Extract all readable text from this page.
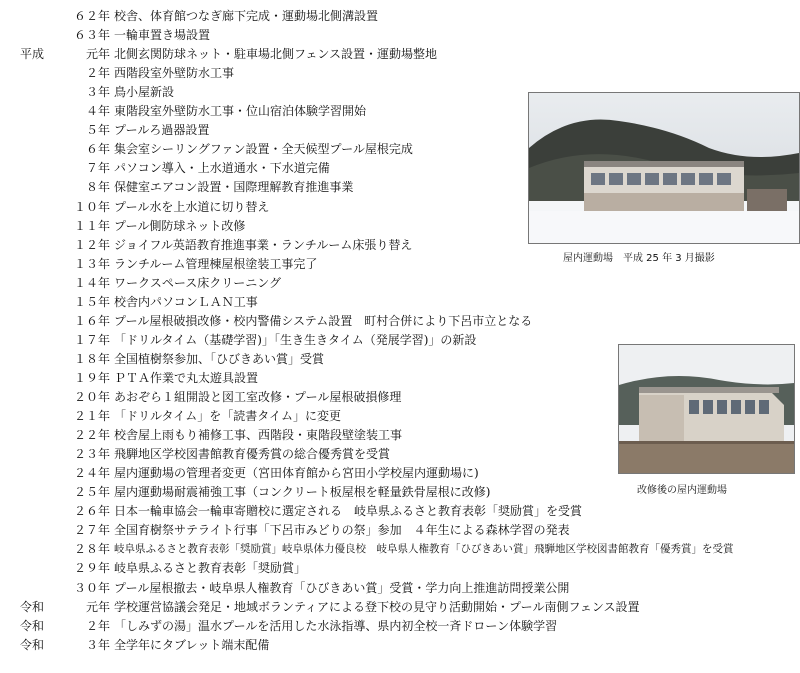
６２年 校舎、体育館つなぎ廊下完成・運動場北側溝設置
６３年 一輪車置き場設置
平成	元年 北側玄関防球ネット・駐車場北側フェンス設置・運動場整地
２年 西階段室外壁防水工事
３年 鳥小屋新設
４年 東階段室外壁防水工事・位山宿泊体験学習開始
５年 プールろ過器設置
６年 集会室シーリングファン設置・全天候型プール屋根完成
７年 パソコン導入・上水道通水・下水道完備
８年 保健室エアコン設置・国際理解教育推進事業
１０年 プール水を上水道に切り替え
１１年 プール側防球ネット改修
１２年 ジョイフル英語教育推進事業・ランチルーム床張り替え
１３年 ランチルーム管理棟屋根塗装工事完了
１４年 ワークスペース床クリーニング
１５年 校舎内パソコンＬＡＮ工事
１６年 プール屋根破損改修・校内警備システム設置　町村合併により下呂市立となる
１７年 「ドリルタイム（基礎学習)」「生き生きタイム（発展学習)」の新設
１８年 全国植樹祭参加、「ひびきあい賞」受賞
１９年 ＰＴＡ作業で丸太遊具設置
２０年 あおぞら１組開設と図工室改修・プール屋根破損修理
２１年 「ドリルタイム」を「読書タイム」に変更
２２年 校舎屋上雨もり補修工事、西階段・東階段壁塗装工事
２３年 飛騨地区学校図書館教育優秀賞の総合優秀賞を受賞
２４年 屋内運動場の管理者変更（宮田体育館から宮田小学校屋内運動場に)
２５年 屋内運動場耐震補強工事（コンクリート板屋根を軽量鉄骨屋根に改修)
２６年 日本一輪車協会一輪車寄贈校に選定される　岐阜県ふるさと教育表彰「奨励賞」を受賞
２７年 全国育樹祭サテライト行事「下呂市みどりの祭」参加　４年生による森林学習の発表
２８年 岐阜県ふるさと教育表彰「奨励賞」岐阜県体力優良校　岐阜県人権教育「ひびきあい賞」飛騨地区学校図書館教育「優秀賞」を受賞
２９年 岐阜県ふるさと教育表彰「奨励賞」
３０年 プール屋根撤去・岐阜県人権教育「ひびきあい賞」受賞・学力向上推進訪問授業公開
令和	元年 学校運営協議会発足・地域ボランティアによる登下校の見守り活動開始・プール南側フェンス設置
令和	２年 「しみずの湯」温水プールを活用した水泳指導、県内初全校一斉ドローン体験学習
令和	３年 全学年にタブレット端末配備
屋内運動場　平成 25 年 3 月撮影
改修後の屋内運動場
